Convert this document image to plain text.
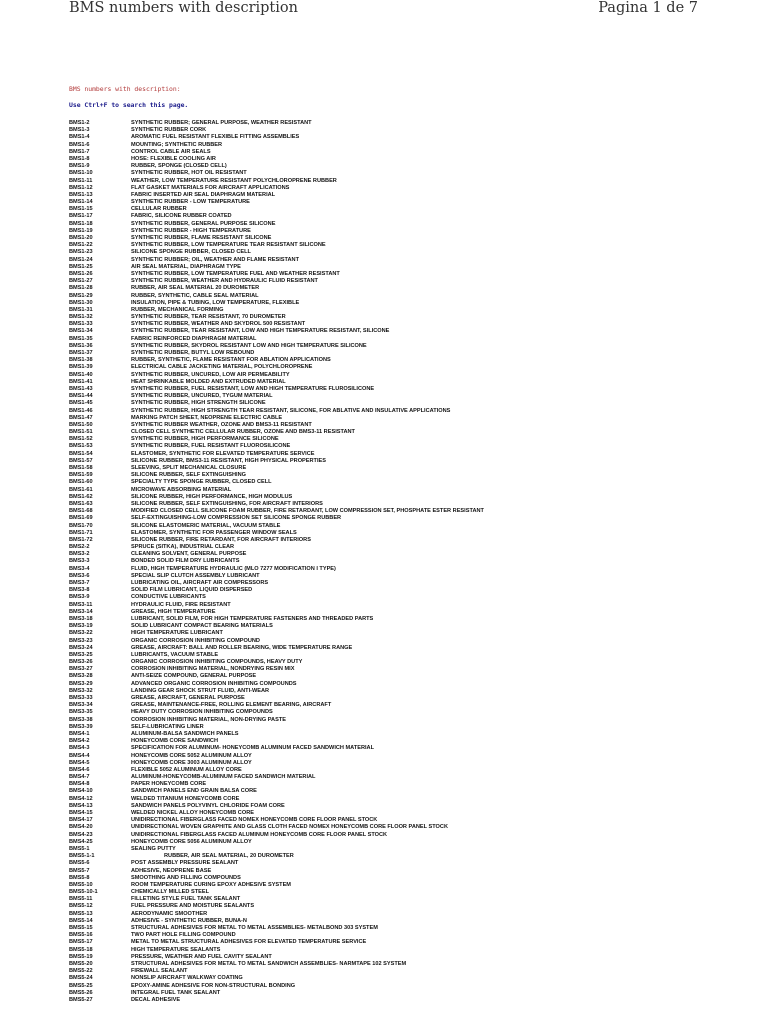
BMS numbers with description	Pagina 1 de 7
BMS numbers with description:
Use Ctrl+F to search this page.
BMS1-2	SYNTHETIC RUBBER; GENERAL PURPOSE, WEATHER RESISTANT
BMS1-3	SYNTHETIC RUBBER CORK
BMS1-4	AROMATIC FUEL RESISTANT FLEXIBLE FITTING ASSEMBLIES
BMS1-6	MOUNTING; SYNTHETIC RUBBER
BMS1-7	CONTROL CABLE AIR SEALS
BMS1-8	HOSE: FLEXIBLE COOLING AIR
BMS1-9	RUBBER, SPONGE (CLOSED CELL)
BMS1-10	SYNTHETIC RUBBER, HOT OIL RESISTANT
BMS1-11	WEATHER, LOW TEMPERATURE RESISTANT POLYCHLOROPRENE RUBBER
BMS1-12	FLAT GASKET MATERIALS FOR AIRCRAFT APPLICATIONS
BMS1-13	FABRIC INSERTED AIR SEAL DIAPHRAGM MATERIAL
BMS1-14	SYNTHETIC RUBBER - LOW TEMPERATURE
BMS1-15	CELLULAR RUBBER
BMS1-17	FABRIC, SILICONE RUBBER COATED
BMS1-18	SYNTHETIC RUBBER, GENERAL PURPOSE SILICONE
BMS1-19	SYNTHETIC RUBBER - HIGH TEMPERATURE
BMS1-20	SYNTHETIC RUBBER, FLAME RESISTANT SILICONE
BMS1-22	SYNTHETIC RUBBER, LOW TEMPERATURE TEAR RESISTANT SILICONE
BMS1-23	SILICONE SPONGE RUBBER, CLOSED CELL
BMS1-24	SYNTHETIC RUBBER; OIL, WEATHER AND FLAME RESISTANT
BMS1-25	AIR SEAL MATERIAL, DIAPHRAGM TYPE
BMS1-26	SYNTHETIC RUBBER, LOW TEMPERATURE FUEL AND WEATHER RESISTANT
BMS1-27	SYNTHETIC RUBBER, WEATHER AND HYDRAULIC FLUID RESISTANT
BMS1-28	RUBBER, AIR SEAL MATERIAL 20 DUROMETER
BMS1-29	RUBBER, SYNTHETIC, CABLE SEAL MATERIAL
BMS1-30	INSULATION, PIPE & TUBING, LOW TEMPERATURE, FLEXIBLE
BMS1-31	RUBBER, MECHANICAL FORMING
BMS1-32	SYNTHETIC RUBBER, TEAR RESISTANT, 70 DUROMETER
BMS1-33	SYNTHETIC RUBBER, WEATHER AND SKYDROL 500 RESISTANT
BMS1-34	SYNTHETIC RUBBER, TEAR RESISTANT, LOW AND HIGH TEMPERATURE RESISTANT, SILICONE
BMS1-35	FABRIC REINFORCED DIAPHRAGM MATERIAL
BMS1-36	SYNTHETIC RUBBER, SKYDROL RESISTANT LOW AND HIGH TEMPERATURE SILICONE
BMS1-37	SYNTHETIC RUBBER, BUTYL LOW REBOUND
BMS1-38	RUBBER, SYNTHETIC, FLAME RESISTANT FOR ABLATION APPLICATIONS
BMS1-39	ELECTRICAL CABLE JACKETING MATERIAL, POLYCHLOROPRENE
BMS1-40	SYNTHETIC RUBBER, UNCURED, LOW AIR PERMEABILITY
BMS1-41	HEAT SHRINKABLE MOLDED AND EXTRUDED MATERIAL
BMS1-43	SYNTHETIC RUBBER, FUEL RESISTANT, LOW AND HIGH TEMPERATURE FLUROSILICONE
BMS1-44	SYNTHETIC RUBBER, UNCURED, TYGUM MATERIAL
BMS1-45	SYNTHETIC RUBBER, HIGH STRENGTH SILICONE
BMS1-46	SYNTHETIC RUBBER, HIGH STRENGTH TEAR RESISTANT, SILICONE, FOR ABLATIVE AND INSULATIVE APPLICATIONS
BMS1-47	MARKING PATCH SHEET, NEOPRENE ELECTRIC CABLE
BMS1-50	SYNTHETIC RUBBER WEATHER, OZONE AND BMS3-11 RESISTANT
BMS1-51	CLOSED CELL SYNTHETIC CELLULAR RUBBER, OZONE AND BMS3-11 RESISTANT
BMS1-52	SYNTHETIC RUBBER, HIGH PERFORMANCE SILICONE
BMS1-53	SYNTHETIC RUBBER, FUEL RESISTANT FLUOROSILICONE
BMS1-54	ELASTOMER, SYNTHETIC FOR ELEVATED TEMPERATURE SERVICE
BMS1-57	SILICONE RUBBER, BMS3-11 RESISTANT, HIGH PHYSICAL PROPERTIES
BMS1-58	SLEEVING, SPLIT MECHANICAL CLOSURE
BMS1-59	SILICONE RUBBER, SELF EXTINGUISHING
BMS1-60	SPECIALTY TYPE SPONGE RUBBER, CLOSED CELL
BMS1-61	MICROWAVE ABSORBING MATERIAL
BMS1-62	SILICONE RUBBER, HIGH PERFORMANCE, HIGH MODULUS
BMS1-63	SILICONE RUBBER, SELF EXTINGUISHING, FOR AIRCRAFT INTERIORS
BMS1-68	MODIFIED CLOSED CELL SILICONE FOAM RUBBER, FIRE RETARDANT, LOW COMPRESSION SET, PHOSPHATE ESTER RESISTANT
BMS1-69	SELF-EXTINGUISHING-LOW COMPRESSION SET SILICONE SPONGE RUBBER
BMS1-70	SILICONE ELASTOMERIC MATERIAL, VACUUM STABLE
BMS1-71	ELASTOMER, SYNTHETIC FOR PASSENGER WINDOW SEALS
BMS1-72	SILICONE RUBBER, FIRE RETARDANT, FOR AIRCRAFT INTERIORS
BMS2-2	SPRUCE (SITKA), INDUSTRIAL CLEAR
BMS3-2	CLEANING SOLVENT, GENERAL PURPOSE
BMS3-3	BONDED SOLID FILM DRY LUBRICANTS
BMS3-4	FLUID, HIGH TEMPERATURE HYDRAULIC (MLO 7277 MODIFICATION I TYPE)
BMS3-6	SPECIAL SLIP CLUTCH ASSEMBLY LUBRICANT
BMS3-7	LUBRICATING OIL, AIRCRAFT AIR COMPRESSORS
BMS3-8	SOLID FILM LUBRICANT, LIQUID DISPERSED
BMS3-9	CONDUCTIVE LUBRICANTS
BMS3-11	HYDRAULIC FLUID, FIRE RESISTANT
BMS3-14	GREASE, HIGH TEMPERATURE
BMS3-18	LUBRICANT, SOLID FILM, FOR HIGH TEMPERATURE FASTENERS AND THREADED PARTS
BMS3-19	SOLID LUBRICANT COMPACT BEARING MATERIALS
BMS3-22	HIGH TEMPERATURE LUBRICANT
BMS3-23	ORGANIC CORROSION INHIBITING COMPOUND
BMS3-24	GREASE, AIRCRAFT: BALL AND ROLLER BEARING, WIDE TEMPERATURE RANGE
BMS3-25	LUBRICANTS, VACUUM STABLE
BMS3-26	ORGANIC CORROSION INHIBITING COMPOUNDS, HEAVY DUTY
BMS3-27	CORROSION INHIBITING MATERIAL, NONDRYING RESIN MIX
BMS3-28	ANTI-SEIZE COMPOUND, GENERAL PURPOSE
BMS3-29	ADVANCED ORGANIC CORROSION INHIBITING COMPOUNDS
BMS3-32	LANDING GEAR SHOCK STRUT FLUID, ANTI-WEAR
BMS3-33	GREASE, AIRCRAFT, GENERAL PURPOSE
BMS3-34	GREASE, MAINTENANCE-FREE, ROLLING ELEMENT BEARING, AIRCRAFT
BMS3-35	HEAVY DUTY CORROSION INHIBITING COMPOUNDS
BMS3-38	CORROSION INHIBITING MATERIAL, NON-DRYING PASTE
BMS3-39	SELF-LUBRICATING LINER
BMS4-1	ALUMINUM-BALSA SANDWICH PANELS
BMS4-2	HONEYCOMB CORE SANDWICH
BMS4-3	SPECIFICATION FOR ALUMINUM- HONEYCOMB ALUMINUM FACED SANDWICH MATERIAL
BMS4-4	HONEYCOMB CORE 5052 ALUMINUM ALLOY
BMS4-5	HONEYCOMB CORE 3003 ALUMINUM ALLOY
BMS4-6	FLEXIBLE 5052 ALUMINUM ALLOY CORE
BMS4-7	ALUMINUM-HONEYCOMB-ALUMINUM FACED SANDWICH MATERIAL
BMS4-8	PAPER HONEYCOMB CORE
BMS4-10	SANDWICH PANELS END GRAIN BALSA CORE
BMS4-12	WELDED TITANIUM HONEYCOMB CORE
BMS4-13	SANDWICH PANELS POLYVINYL CHLORIDE FOAM CORE
BMS4-15	WELDED NICKEL ALLOY HONEYCOMB CORE
BMS4-17	UNIDIRECTIONAL FIBERGLASS FACED NOMEX HONEYCOMB CORE FLOOR PANEL STOCK
BMS4-20	UNIDIRECTIONAL WOVEN GRAPHITE AND GLASS CLOTH FACED NOMEX HONEYCOMB CORE FLOOR PANEL STOCK
BMS4-23	UNIDIRECTIONAL FIBERGLASS FACED ALUMINUM HONEYCOMB CORE FLOOR PANEL STOCK
BMS4-25	HONEYCOMB CORE 5056 ALUMINUM ALLOY
BMS5-1	SEALING PUTTY
BMS5-1-1	RUBBER, AIR SEAL MATERIAL, 20 DUROMETER
BMS5-6	POST ASSEMBLY PRESSURE SEALANT
BMS5-7	ADHESIVE, NEOPRENE BASE
BMS5-8	SMOOTHING AND FILLING COMPOUNDS
BMS5-10	ROOM TEMPERATURE CURING EPOXY ADHESIVE SYSTEM
BMS5-10-1	CHEMICALLY MILLED STEEL
BMS5-11	FILLETING STYLE FUEL TANK SEALANT
BMS5-12	FUEL PRESSURE AND MOISTURE SEALANTS
BMS5-13	AERODYNAMIC SMOOTHER
BMS5-14	ADHESIVE - SYNTHETIC RUBBER, BUNA-N
BMS5-15	STRUCTURAL ADHESIVES FOR METAL TO METAL ASSEMBLIES- METALBOND 303 SYSTEM
BMS5-16	TWO PART HOLE FILLING COMPOUND
BMS5-17	METAL TO METAL STRUCTURAL ADHESIVES FOR ELEVATED TEMPERATURE SERVICE
BMS5-18	HIGH TEMPERATURE SEALANTS
BMS5-19	PRESSURE, WEATHER AND FUEL CAVITY SEALANT
BMS5-20	STRUCTURAL ADHESIVES FOR METAL TO METAL SANDWICH ASSEMBLIES- NARMTAPE 102 SYSTEM
BMS5-22	FIREWALL SEALANT
BMS5-24	NONSLIP AIRCRAFT WALKWAY COATING
BMS5-25	EPOXY-AMINE ADHESIVE FOR NON-STRUCTURAL BONDING
BMS5-26	INTEGRAL FUEL TANK SEALANT
BMS5-27	DECAL ADHESIVE
